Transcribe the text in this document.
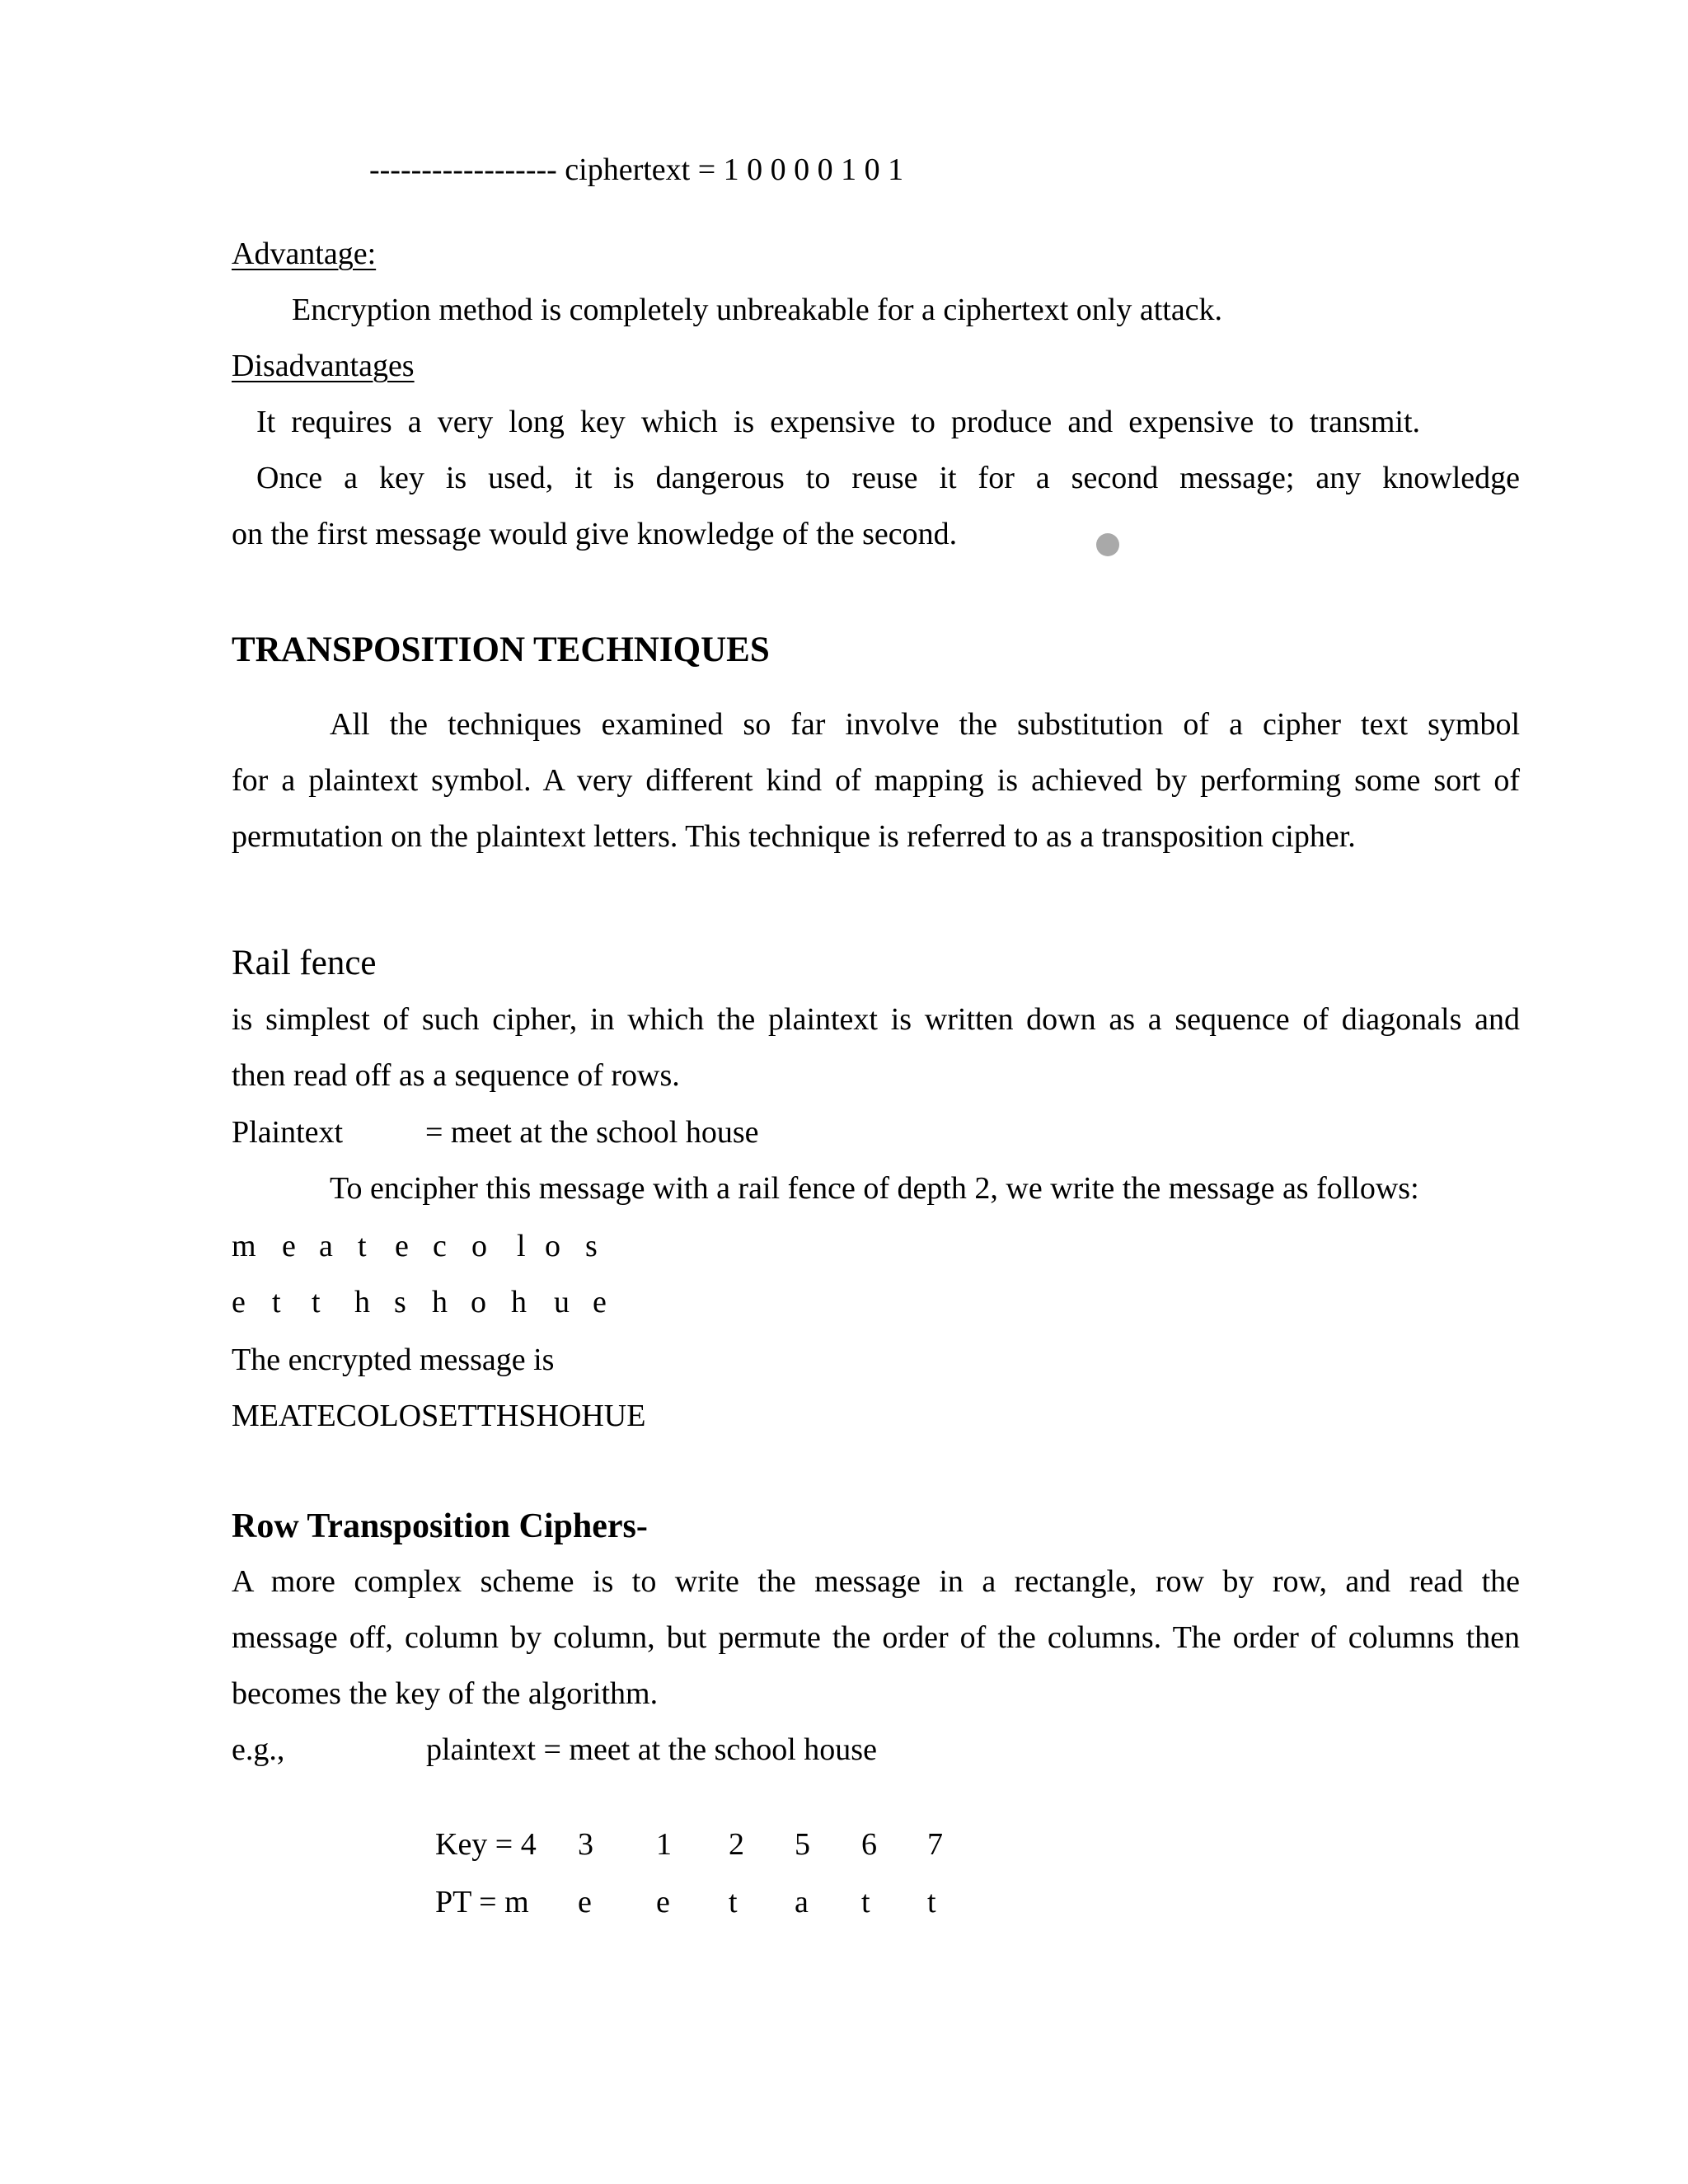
------------------ ciphertext = 1 0 0 0 0 1 0 1
Advantage:
Encryption method is completely unbreakable for a ciphertext only attack.
Disadvantages
It requires a very long key which is expensive to produce and expensive to transmit.
Once a key is used, it is dangerous to reuse it for a second message; any knowledge
on the first message would give knowledge of the second.
TRANSPOSITION TECHNIQUES
All the techniques examined so far involve the substitution of a cipher text symbol
for a plaintext symbol. A very different kind of mapping is achieved by performing some sort of
permutation on the plaintext letters. This technique is referred to as a transposition cipher.
Rail fence
is simplest of such cipher, in which the plaintext is written down as a sequence of diagonals and
then read off as a sequence of rows.
Plaintext	= meet at the school house
To encipher this message with a rail fence of depth 2, we write the message as follows:
m e a t e c o l o s
e t t h s h o h u e
The encrypted message is
MEATECOLOSETTHSHOHUE
Row Transposition Ciphers-
A more complex scheme is to write the message in a rectangle, row by row, and read the
message off, column by column, but permute the order of the columns. The order of columns then
becomes the key of the algorithm.
e.g.,	plaintext = meet at the school house
Key = 4 3 1 2 5 6 7
PT = m e e t a t t
